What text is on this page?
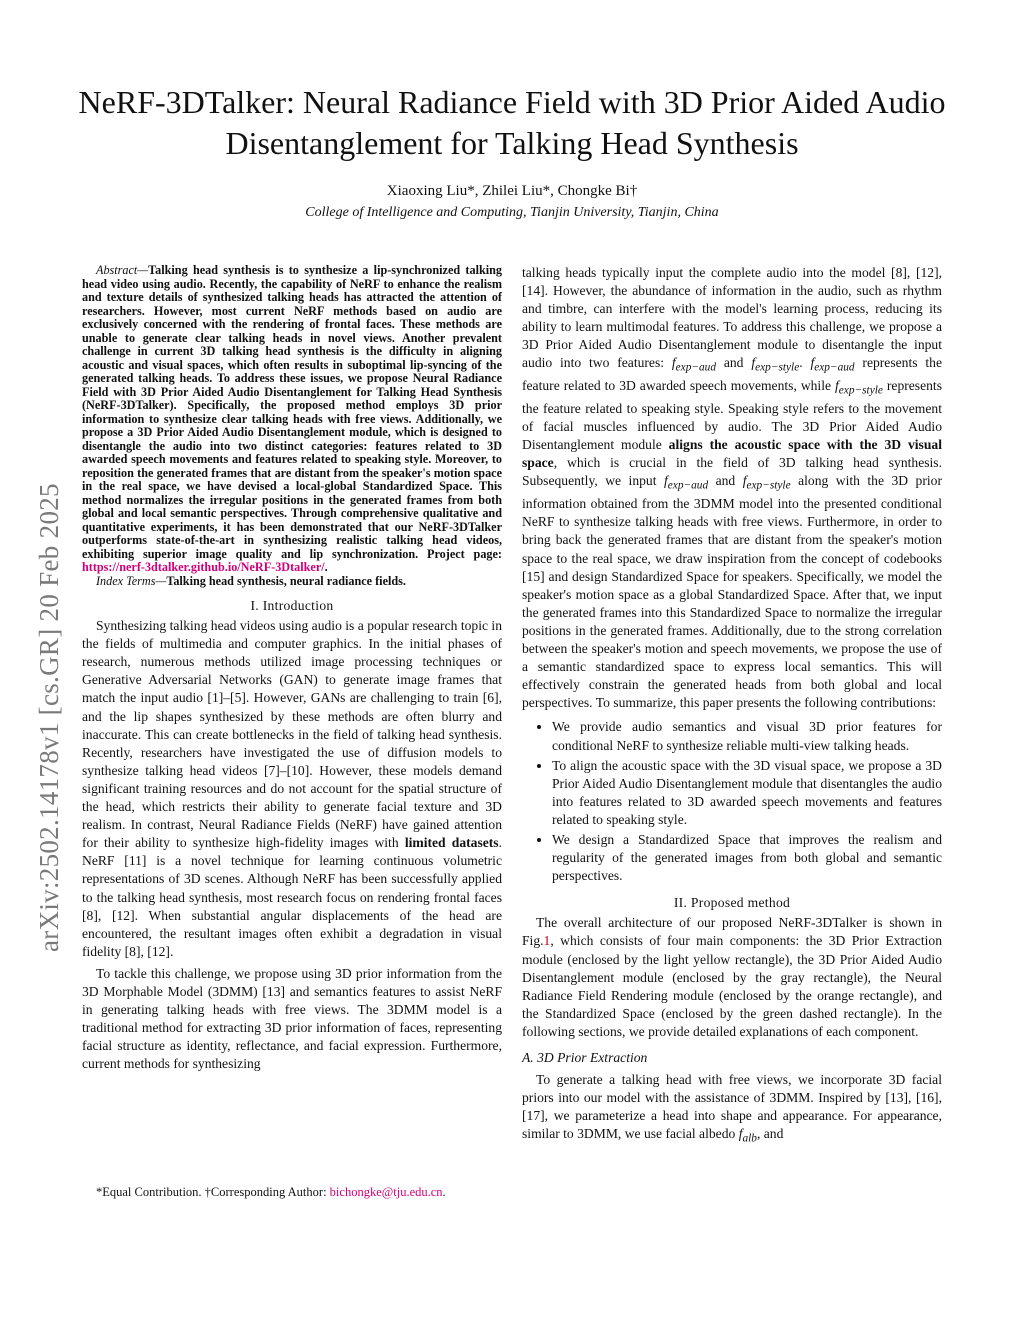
arXiv:2502.14178v1 [cs.GR] 20 Feb 2025
NeRF-3DTalker: Neural Radiance Field with 3D Prior Aided Audio Disentanglement for Talking Head Synthesis
Xiaoxing Liu*, Zhilei Liu*, Chongke Bi†
College of Intelligence and Computing, Tianjin University, Tianjin, China
Abstract—Talking head synthesis is to synthesize a lip-synchronized talking head video using audio. Recently, the capability of NeRF to enhance the realism and texture details of synthesized talking heads has attracted the attention of researchers. However, most current NeRF methods based on audio are exclusively concerned with the rendering of frontal faces. These methods are unable to generate clear talking heads in novel views. Another prevalent challenge in current 3D talking head synthesis is the difficulty in aligning acoustic and visual spaces, which often results in suboptimal lip-syncing of the generated talking heads. To address these issues, we propose Neural Radiance Field with 3D Prior Aided Audio Disentanglement for Talking Head Synthesis (NeRF-3DTalker). Specifically, the proposed method employs 3D prior information to synthesize clear talking heads with free views. Additionally, we propose a 3D Prior Aided Audio Disentanglement module, which is designed to disentangle the audio into two distinct categories: features related to 3D awarded speech movements and features related to speaking style. Moreover, to reposition the generated frames that are distant from the speaker's motion space in the real space, we have devised a local-global Standardized Space. This method normalizes the irregular positions in the generated frames from both global and local semantic perspectives. Through comprehensive qualitative and quantitative experiments, it has been demonstrated that our NeRF-3DTalker outperforms state-of-the-art in synthesizing realistic talking head videos, exhibiting superior image quality and lip synchronization. Project page: https://nerf-3dtalker.github.io/NeRF-3Dtalker/.
Index Terms—Talking head synthesis, neural radiance fields.
I. Introduction

Synthesizing talking head videos using audio is a popular research topic in the fields of multimedia and computer graphics. In the initial phases of research, numerous methods utilized image processing techniques or Generative Adversarial Networks (GAN) to generate image frames that match the input audio [1]–[5]. However, GANs are challenging to train [6], and the lip shapes synthesized by these methods are often blurry and inaccurate. This can create bottlenecks in the field of talking head synthesis. Recently, researchers have investigated the use of diffusion models to synthesize talking head videos [7]–[10]. However, these models demand significant training resources and do not account for the spatial structure of the head, which restricts their ability to generate facial texture and 3D realism. In contrast, Neural Radiance Fields (NeRF) have gained attention for their ability to synthesize high-fidelity images with limited datasets. NeRF [11] is a novel technique for learning continuous volumetric representations of 3D scenes. Although NeRF has been successfully applied to the talking head synthesis, most research focus on rendering frontal faces [8], [12]. When substantial angular displacements of the head are encountered, the resultant images often exhibit a degradation in visual fidelity [8], [12].

To tackle this challenge, we propose using 3D prior information from the 3D Morphable Model (3DMM) [13] and semantics features to assist NeRF in generating talking heads with free views. The 3DMM model is a traditional method for extracting 3D prior information of faces, representing facial structure as identity, reflectance, and facial expression. Furthermore, current methods for synthesizing

*Equal Contribution. †Corresponding Author: bichongke@tju.edu.cn.

talking heads typically input the complete audio into the model [8], [12], [14]. However, the abundance of information in the audio, such as rhythm and timbre, can interfere with the model's learning process, reducing its ability to learn multimodal features. To address this challenge, we propose a 3D Prior Aided Audio Disentanglement module to disentangle the input audio into two features: $f_{exp-aud}$ and $f_{exp-style}$. $f_{exp-aud}$ represents the feature related to 3D awarded speech movements, while $f_{exp-style}$ represents the feature related to speaking style. Speaking style refers to the movement of facial muscles influenced by audio. The 3D Prior Aided Audio Disentanglement module aligns the acoustic space with the 3D visual space, which is crucial in the field of 3D talking head synthesis. Subsequently, we input $f_{exp-aud}$ and $f_{exp-style}$ along with the 3D prior information obtained from the 3DMM model into the presented conditional NeRF to synthesize talking heads with free views. Furthermore, in order to bring back the generated frames that are distant from the speaker's motion space to the real space, we draw inspiration from the concept of codebooks [15] and design Standardized Space for speakers. Specifically, we model the speaker's motion space as a global Standardized Space. After that, we input the generated frames into this Standardized Space to normalize the irregular positions in the generated frames. Additionally, due to the strong correlation between the speaker's motion and speech movements, we propose the use of a semantic standardized space to express local semantics. This will effectively constrain the generated heads from both global and local perspectives. To summarize, this paper presents the following contributions:

• We provide audio semantics and visual 3D prior features for conditional NeRF to synthesize reliable multi-view talking heads.
• To align the acoustic space with the 3D visual space, we propose a 3D Prior Aided Audio Disentanglement module that disentangles the audio into features related to 3D awarded speech movements and features related to speaking style.
• We design a Standardized Space that improves the realism and regularity of the generated images from both global and semantic perspectives.
II. Proposed method

The overall architecture of our proposed NeRF-3DTalker is shown in Fig.1, which consists of four main components: the 3D Prior Extraction module (enclosed by the light yellow rectangle), the 3D Prior Aided Audio Disentanglement module (enclosed by the gray rectangle), the Neural Radiance Field Rendering module (enclosed by the orange rectangle), and the Standardized Space (enclosed by the green dashed rectangle). In the following sections, we provide detailed explanations of each component.

A. 3D Prior Extraction

To generate a talking head with free views, we incorporate 3D facial priors into our model with the assistance of 3DMM. Inspired by [13], [16], [17], we parameterize a head into shape and appearance. For appearance, similar to 3DMM, we use facial albedo $f_{alb}$, and
